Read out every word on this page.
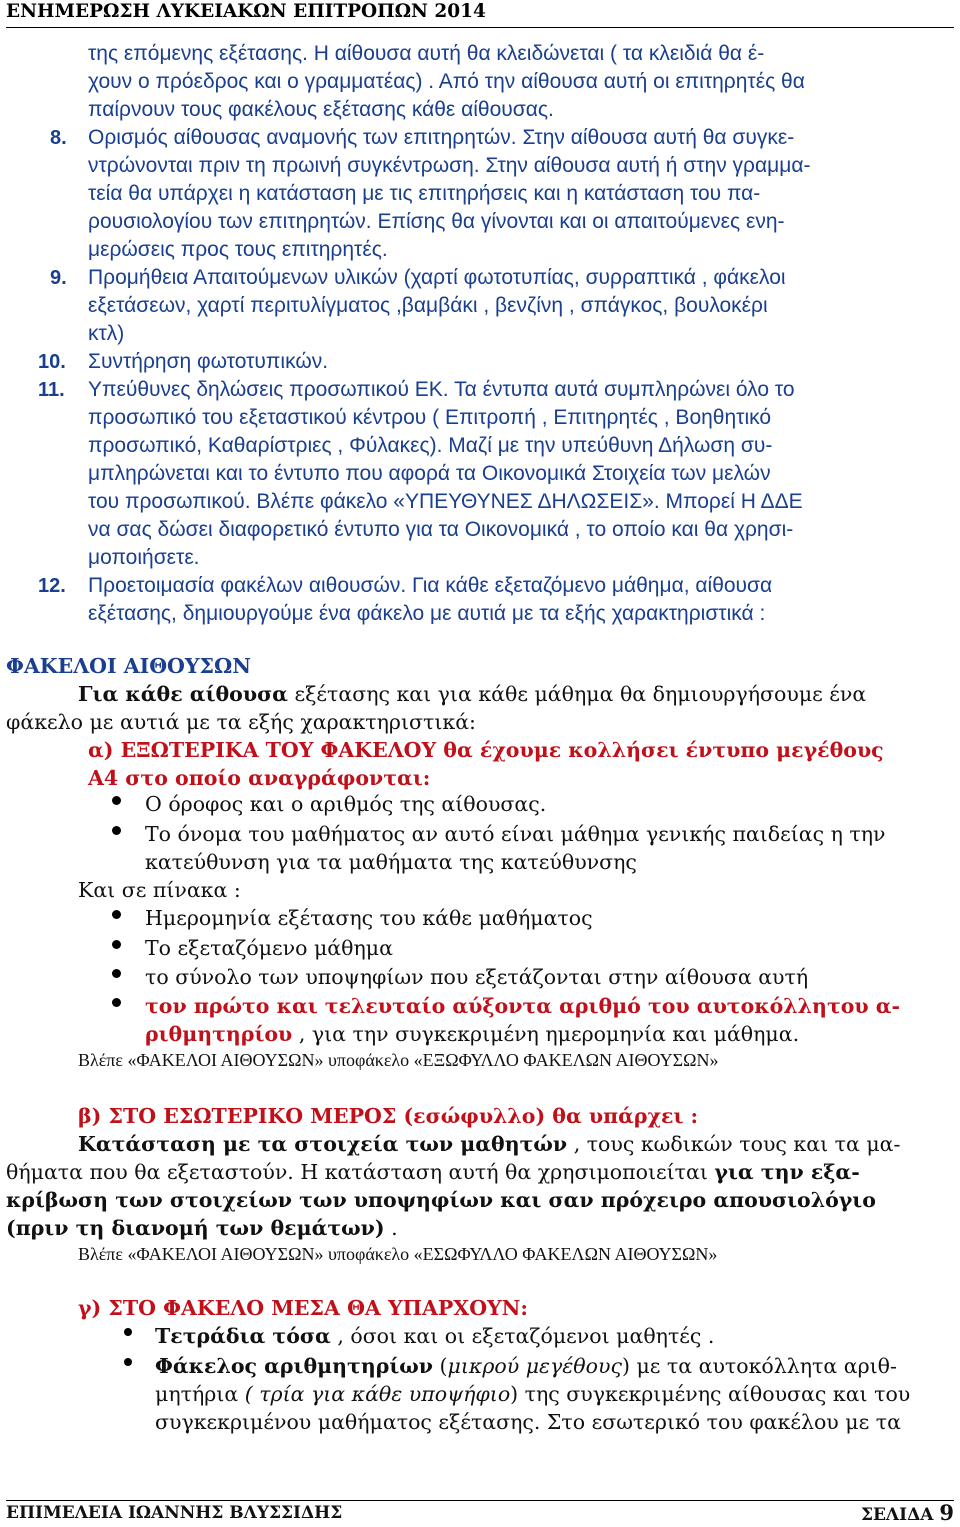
ΕΝΗΜΕΡΩΣΗ ΛΥΚΕΙΑΚΩΝ ΕΠΙΤΡΟΠΩΝ 2014
της επόμενης εξέτασης. Η αίθουσα αυτή θα κλειδώνεται ( τα κλειδιά θα έ-
χουν ο πρόεδρος και ο γραμματέας) . Από την αίθουσα αυτή οι επιτηρητές θα
παίρνουν τους φακέλους εξέτασης κάθε αίθουσας.
8. Ορισμός αίθουσας αναμονής των επιτηρητών. Στην αίθουσα αυτή θα συγκε-
ντρώνονται πριν τη πρωινή συγκέντρωση. Στην αίθουσα αυτή ή στην γραμμα-
τεία θα υπάρχει η κατάσταση με τις επιτηρήσεις και η κατάσταση του πα-
ρουσιολογίου των επιτηρητών. Επίσης θα γίνονται και οι απαιτούμενες ενη-
μερώσεις προς τους επιτηρητές.
9. Προμήθεια Απαιτούμενων υλικών (χαρτί φωτοτυπίας, συρραπτικά , φάκελοι
εξετάσεων, χαρτί περιτυλίγματος ,βαμβάκι , βενζίνη , σπάγκος, βουλοκέρι
κτλ)
10. Συντήρηση φωτοτυπικών.
11. Υπεύθυνες δηλώσεις προσωπικού ΕΚ. Τα έντυπα αυτά συμπληρώνει όλο το
προσωπικό του εξεταστικού κέντρου ( Επιτροπή , Επιτηρητές , Βοηθητικό
προσωπικό, Καθαρίστριες , Φύλακες). Μαζί με την υπεύθυνη Δήλωση συ-
μπληρώνεται και το έντυπο που αφορά τα Οικονομικά Στοιχεία των μελών
του προσωπικού. Βλέπε φάκελο «ΥΠΕΥΘΥΝΕΣ ΔΗΛΩΣΕΙΣ». Μπορεί Η ΔΔΕ
να σας δώσει διαφορετικό έντυπο για τα Οικονομικά , το οποίο και θα χρησι-
μοποιήσετε.
12. Προετοιμασία φακέλων αιθουσών. Για κάθε εξεταζόμενο μάθημα, αίθουσα
εξέτασης, δημιουργούμε ένα φάκελο με αυτιά με τα εξής χαρακτηριστικά :
ΦΑΚΕΛΟΙ ΑΙΘΟΥΣΩΝ
Για κάθε αίθουσα εξέτασης και για κάθε μάθημα θα δημιουργήσουμε ένα
φάκελο με αυτιά με τα εξής χαρακτηριστικά:
α) ΕΞΩΤΕΡΙΚΑ ΤΟΥ ΦΑΚΕΛΟΥ θα έχουμε κολλήσει έντυπο μεγέθους
Α4 στο οποίο αναγράφονται:
Ο όροφος και ο αριθμός της αίθουσας.
Το όνομα του μαθήματος αν αυτό είναι μάθημα γενικής παιδείας η την
κατεύθυνση για τα μαθήματα της κατεύθυνσης
Και σε πίνακα :
Ημερομηνία εξέτασης του κάθε μαθήματος
Το εξεταζόμενο μάθημα
το σύνολο των υποψηφίων που εξετάζονται στην αίθουσα αυτή
τον πρώτο και τελευταίο αύξοντα αριθμό του αυτοκόλλητου α-
ριθμητηρίου , για την συγκεκριμένη ημερομηνία και μάθημα.
Βλέπε «ΦΑΚΕΛΟΙ ΑΙΘΟΥΣΩΝ» υποφάκελο «ΕΞΩΦΥΛΛΟ ΦΑΚΕΛΩΝ ΑΙΘΟΥΣΩΝ»
β) ΣΤΟ ΕΣΩΤΕΡΙΚΟ ΜΕΡΟΣ (εσώφυλλο) θα υπάρχει :
Κατάσταση με τα στοιχεία των μαθητών , τους κωδικών τους και τα μα-
θήματα που θα εξεταστούν. Η κατάσταση αυτή θα χρησιμοποιείται για την εξα-
κρίβωση των στοιχείων των υποψηφίων και σαν πρόχειρο απουσιολόγιο
(πριν τη διανομή των θεμάτων) .
Βλέπε «ΦΑΚΕΛΟΙ ΑΙΘΟΥΣΩΝ» υποφάκελο «ΕΣΩΦΥΛΛΟ ΦΑΚΕΛΩΝ ΑΙΘΟΥΣΩΝ»
γ) ΣΤΟ ΦΑΚΕΛΟ ΜΕΣΑ ΘΑ ΥΠΑΡΧΟΥΝ:
Τετράδια τόσα , όσοι και οι εξεταζόμενοι μαθητές .
Φάκελος αριθμητηρίων (μικρού μεγέθους) με τα αυτοκόλλητα αριθ-
μητήρια ( τρία για κάθε υποψήφιο) της συγκεκριμένης αίθουσας και του
συγκεκριμένου μαθήματος εξέτασης. Στο εσωτερικό του φακέλου με τα
ΕΠΙΜΕΛΕΙΑ ΙΩΑΝΝΗΣ ΒΛΥΣΣΙΔΗΣ	ΣΕΛΙΔΑ 9
